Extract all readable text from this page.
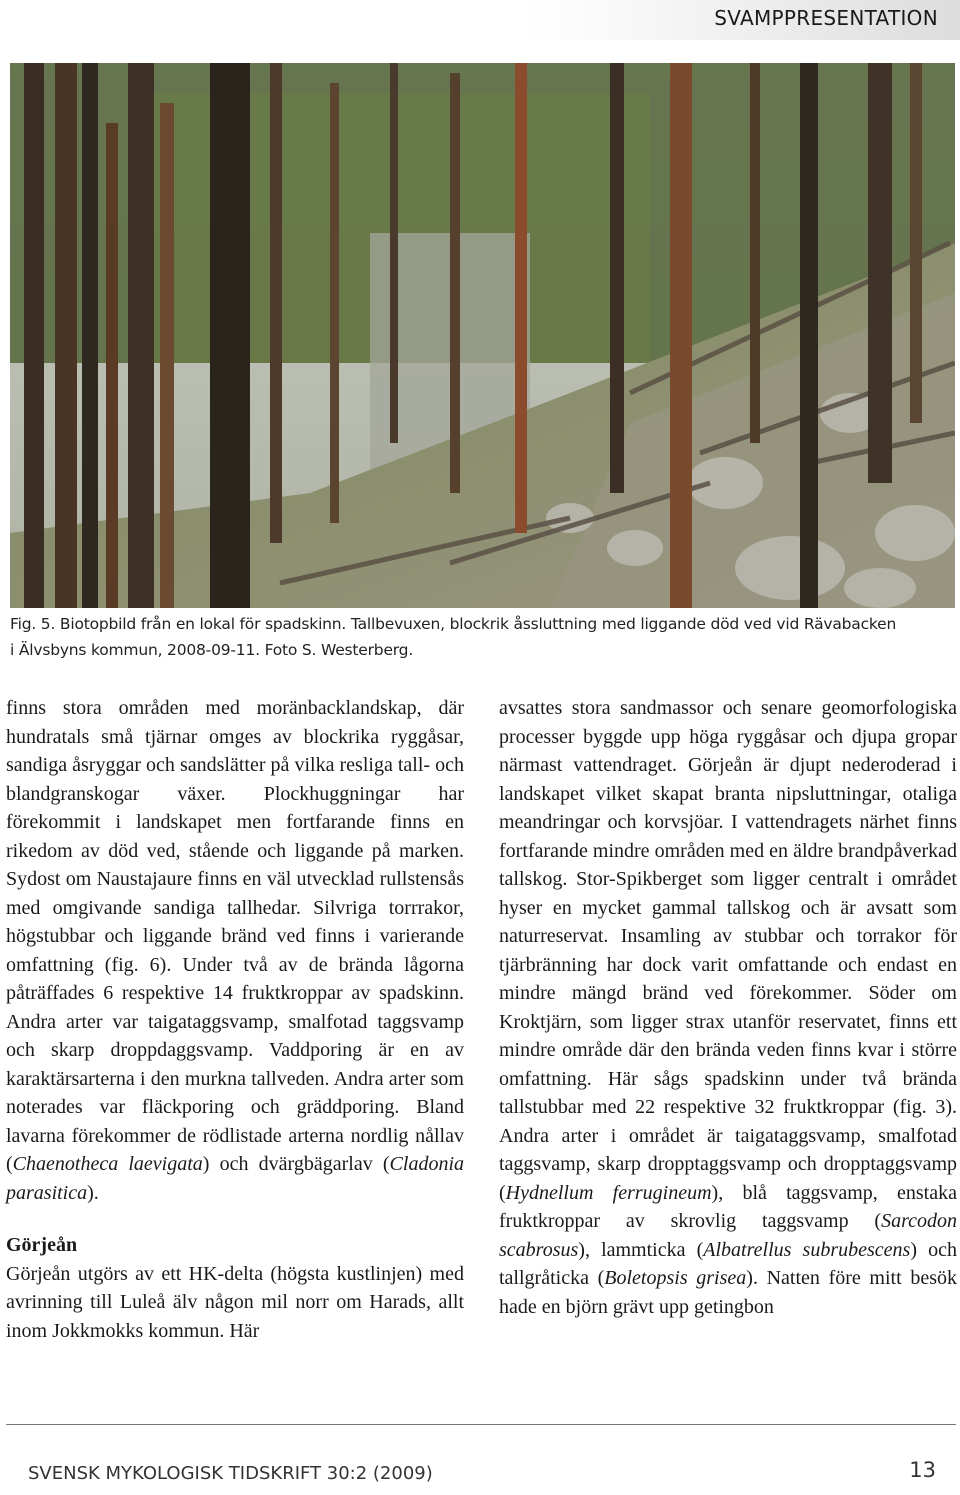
SVAMPPRESENTATION
Fig. 5. Biotopbild från en lokal för spadskinn. Tallbevuxen, blockrik åssluttning med liggande död ved vid Rävabacken
i Älvsbyns kommun, 2008-09-11. Foto S. Westerberg.

finns stora områden med moränbacklandskap, där hundratals små tjärnar omges av blockrika ryggåsar, sandiga åsryggar och sandslätter på vilka resliga tall- och blandgranskogar växer. Plockhuggningar har förekommit i landskapet men fortfarande finns en rikedom av död ved, stående och liggande på marken. Sydost om Naustajaure finns en väl utvecklad rullstensås med omgivande sandiga tallhedar. Silvriga torrrakor, högstubbar och liggande bränd ved finns i varierande omfattning (fig. 6). Under två av de brända lågorna påträffades 6 respektive 14 fruktkroppar av spadskinn. Andra arter var taigataggsvamp, smalfotad taggsvamp och skarp droppdaggsvamp. Vaddporing är en av karaktärsarterna i den murkna tallveden. Andra arter som noterades var fläckporing och gräddporing. Bland lavarna förekommer de rödlistade arterna nordlig nållav (Chaenotheca laevigata) och dvärgbägarlav (Cladonia parasitica).

Görjeån

Görjeån utgörs av ett HK-delta (högsta kustlinjen) med avrinning till Luleå älv någon mil norr om Harads, allt inom Jokkmokks kommun. Här

avsattes stora sandmassor och senare geomorfologiska processer byggde upp höga ryggåsar och djupa gropar närmast vattendraget. Görjeån är djupt nederoderad i landskapet vilket skapat branta nipsluttningar, otaliga meandringar och korvsjöar. I vattendragets närhet finns fortfarande mindre områden med en äldre brandpåverkad tallskog. Stor-Spikberget som ligger centralt i området hyser en mycket gammal tallskog och är avsatt som naturreservat. Insamling av stubbar och torrakor för tjärbränning har dock varit omfattande och endast en mindre mängd bränd ved förekommer. Söder om Kroktjärn, som ligger strax utanför reservatet, finns ett mindre område där den brända veden finns kvar i större omfattning. Här sågs spadskinn under två brända tallstubbar med 22 respektive 32 fruktkroppar (fig. 3). Andra arter i området är taigataggsvamp, smalfotad taggsvamp, skarp dropptaggsvamp och dropptaggsvamp (Hydnellum ferrugineum), blå taggsvamp, enstaka fruktkroppar av skrovlig taggsvamp (Sarcodon scabrosus), lammticka (Albatrellus subrubescens) och tallgråticka (Boletopsis grisea). Natten före mitt besök hade en björn grävt upp getingbon

SVENSK MYKOLOGISK TIDSKRIFT 30:2 (2009)	13
